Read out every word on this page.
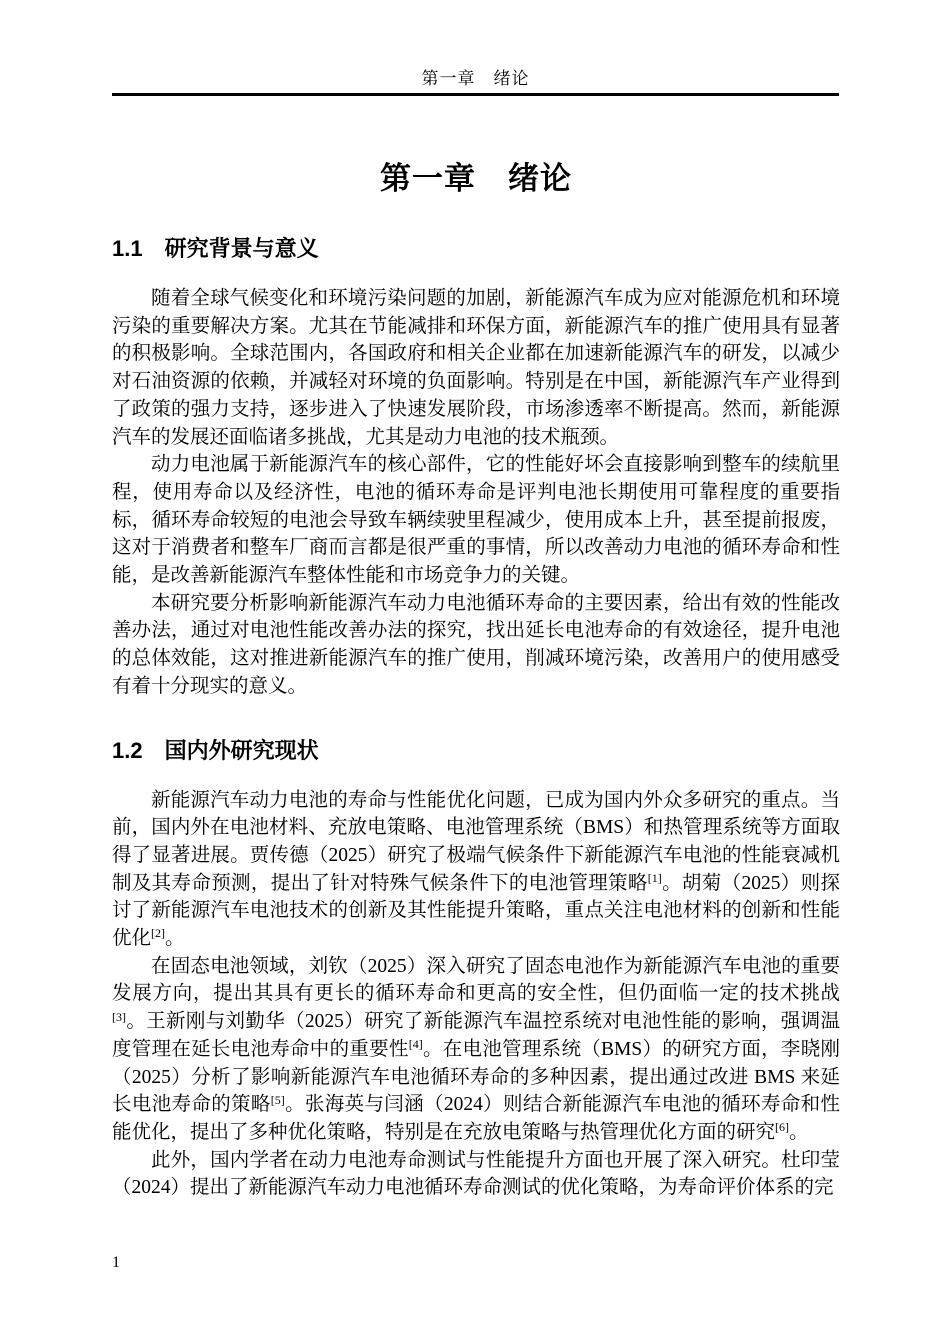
第一章　绪论
第一章　绪论
1.1　研究背景与意义

随着全球气候变化和环境污染问题的加剧，新能源汽车成为应对能源危机和环境污染的重要解决方案。尤其在节能减排和环保方面，新能源汽车的推广使用具有显著的积极影响。全球范围内，各国政府和相关企业都在加速新能源汽车的研发，以减少对石油资源的依赖，并减轻对环境的负面影响。特别是在中国，新能源汽车产业得到了政策的强力支持，逐步进入了快速发展阶段，市场渗透率不断提高。然而，新能源汽车的发展还面临诸多挑战，尤其是动力电池的技术瓶颈。

动力电池属于新能源汽车的核心部件，它的性能好坏会直接影响到整车的续航里程，使用寿命以及经济性，电池的循环寿命是评判电池长期使用可靠程度的重要指标，循环寿命较短的电池会导致车辆续驶里程减少，使用成本上升，甚至提前报废，这对于消费者和整车厂商而言都是很严重的事情，所以改善动力电池的循环寿命和性能，是改善新能源汽车整体性能和市场竞争力的关键。

本研究要分析影响新能源汽车动力电池循环寿命的主要因素，给出有效的性能改善办法，通过对电池性能改善办法的探究，找出延长电池寿命的有效途径，提升电池的总体效能，这对推进新能源汽车的推广使用，削减环境污染，改善用户的使用感受有着十分现实的意义。

1.2　国内外研究现状

新能源汽车动力电池的寿命与性能优化问题，已成为国内外众多研究的重点。当前，国内外在电池材料、充放电策略、电池管理系统（BMS）和热管理系统等方面取得了显著进展。贾传德（2025）研究了极端气候条件下新能源汽车电池的性能衰减机制及其寿命预测，提出了针对特殊气候条件下的电池管理策略[1]。胡菊（2025）则探讨了新能源汽车电池技术的创新及其性能提升策略，重点关注电池材料的创新和性能优化[2]。

在固态电池领域，刘钦（2025）深入研究了固态电池作为新能源汽车电池的重要发展方向，提出其具有更长的循环寿命和更高的安全性，但仍面临一定的技术挑战[3]。王新刚与刘勤华（2025）研究了新能源汽车温控系统对电池性能的影响，强调温度管理在延长电池寿命中的重要性[4]。在电池管理系统（BMS）的研究方面，李晓刚（2025）分析了影响新能源汽车电池循环寿命的多种因素，提出通过改进 BMS 来延长电池寿命的策略[5]。张海英与闫涵（2024）则结合新能源汽车电池的循环寿命和性能优化，提出了多种优化策略，特别是在充放电策略与热管理优化方面的研究[6]。

此外，国内学者在动力电池寿命测试与性能提升方面也开展了深入研究。杜印莹（2024）提出了新能源汽车动力电池循环寿命测试的优化策略，为寿命评价体系的完

1
